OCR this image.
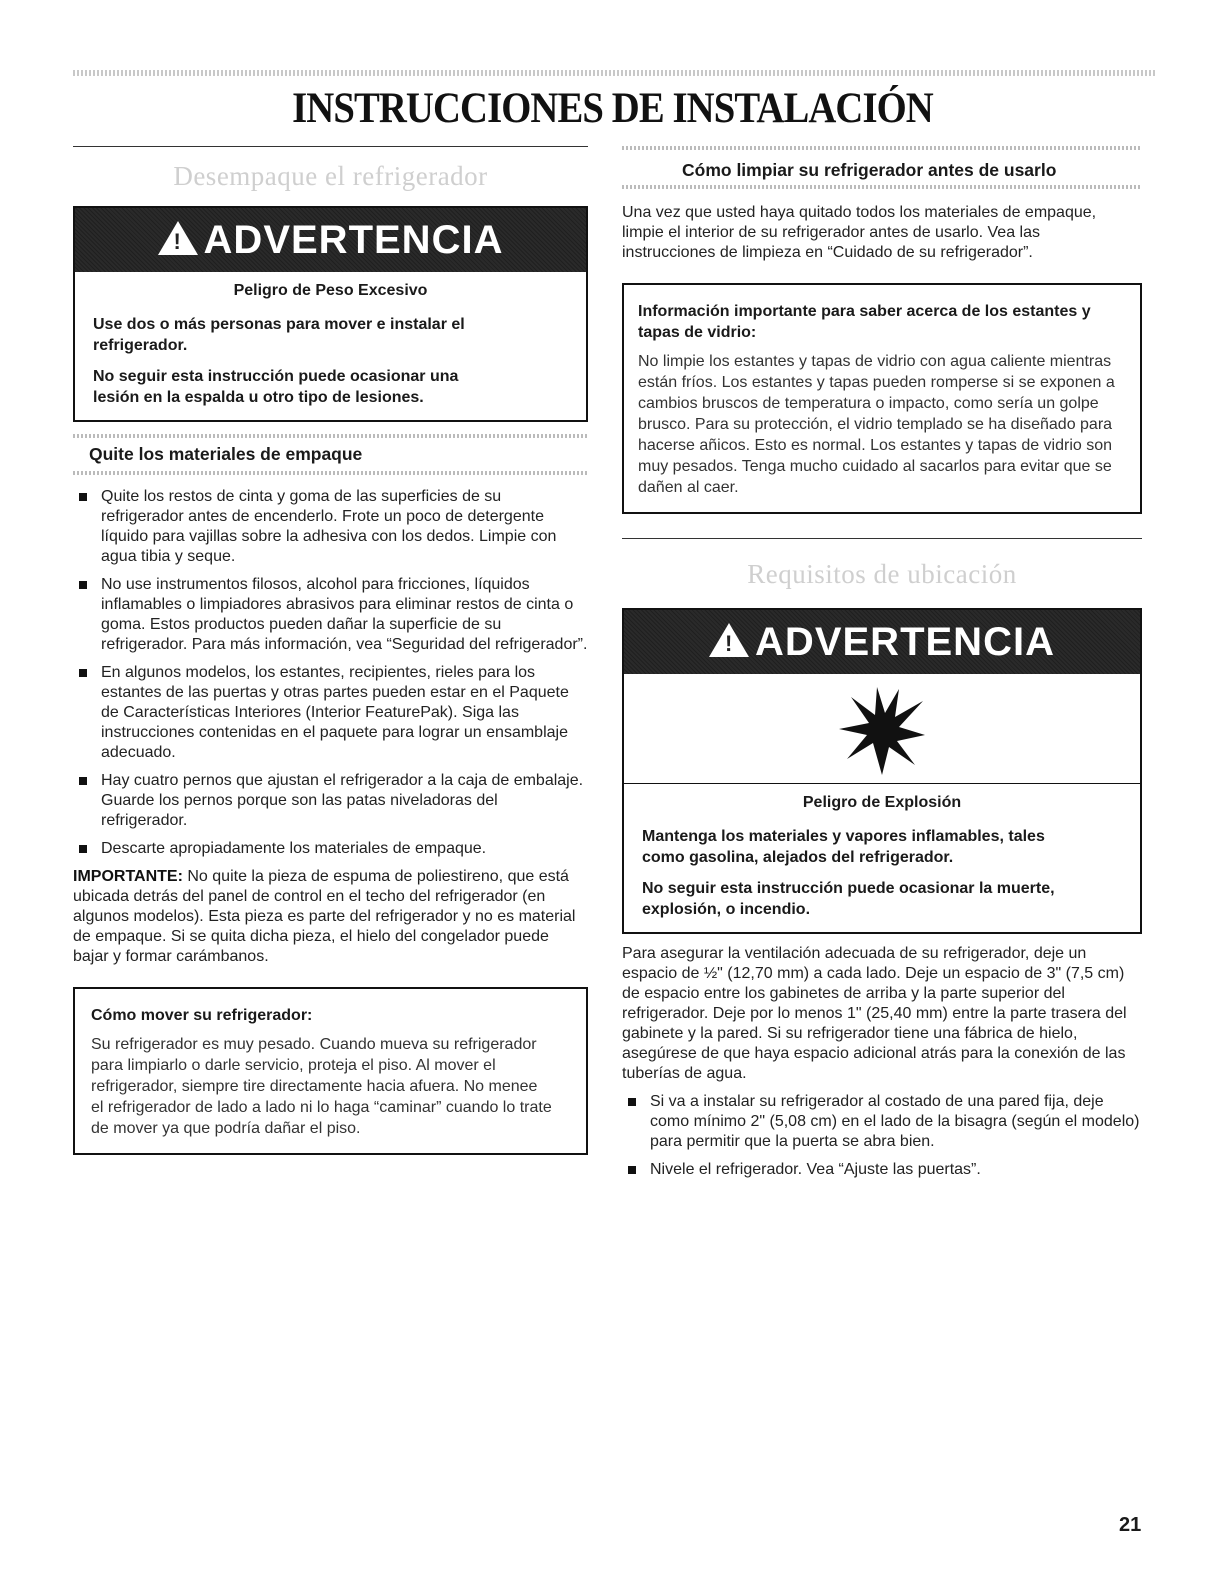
INSTRUCCIONES DE INSTALACIÓN
Desempaque el refrigerador
!
ADVERTENCIA
Peligro de Peso Excesivo

Use dos o más personas para mover e instalar el refrigerador.

No seguir esta instrucción puede ocasionar una lesión en la espalda u otro tipo de lesiones.

Quite los materiales de empaque
Quite los restos de cinta y goma de las superficies de su refrigerador antes de encenderlo. Frote un poco de detergente líquido para vajillas sobre la adhesiva con los dedos. Limpie con agua tibia y seque.
No use instrumentos filosos, alcohol para fricciones, líquidos inflamables o limpiadores abrasivos para eliminar restos de cinta o goma. Estos productos pueden dañar la superficie de su refrigerador. Para más información, vea “Seguridad del refrigerador”.
En algunos modelos, los estantes, recipientes, rieles para los estantes de las puertas y otras partes pueden estar en el Paquete de Características Interiores (Interior FeaturePak). Siga las instrucciones contenidas en el paquete para lograr un ensamblaje adecuado.
Hay cuatro pernos que ajustan el refrigerador a la caja de embalaje. Guarde los pernos porque son las patas niveladoras del refrigerador.
Descarte apropiadamente los materiales de empaque.

IMPORTANTE: No quite la pieza de espuma de poliestireno, que está ubicada detrás del panel de control en el techo del refrigerador (en algunos modelos). Esta pieza es parte del refrigerador y no es material de empaque. Si se quita dicha pieza, el hielo del congelador puede bajar y formar carámbanos.

Cómo mover su refrigerador:
Su refrigerador es muy pesado. Cuando mueva su refrigerador para limpiarlo o darle servicio, proteja el piso. Al mover el refrigerador, siempre tire directamente hacia afuera. No menee el refrigerador de lado a lado ni lo haga “caminar” cuando lo trate de mover ya que podría dañar el piso.
Cómo limpiar su refrigerador antes de usarlo

Una vez que usted haya quitado todos los materiales de empaque, limpie el interior de su refrigerador antes de usarlo. Vea las instrucciones de limpieza en “Cuidado de su refrigerador”.

Información importante para saber acerca de los estantes y tapas de vidrio:
No limpie los estantes y tapas de vidrio con agua caliente mientras están fríos. Los estantes y tapas pueden romperse si se exponen a cambios bruscos de temperatura o impacto, como sería un golpe brusco. Para su protección, el vidrio templado se ha diseñado para hacerse añicos. Esto es normal. Los estantes y tapas de vidrio son muy pesados. Tenga mucho cuidado al sacarlos para evitar que se dañen al caer.
Requisitos de ubicación
!
ADVERTENCIA
Peligro de Explosión

Mantenga los materiales y vapores inflamables, tales como gasolina, alejados del refrigerador.

No seguir esta instrucción puede ocasionar la muerte, explosión, o incendio.

Para asegurar la ventilación adecuada de su refrigerador, deje un espacio de ½" (12,70 mm) a cada lado. Deje un espacio de 3" (7,5 cm) de espacio entre los gabinetes de arriba y la parte superior del refrigerador. Deje por lo menos 1" (25,40 mm) entre la parte trasera del gabinete y la pared. Si su refrigerador tiene una fábrica de hielo, asegúrese de que haya espacio adicional atrás para la conexión de las tuberías de agua.

Si va a instalar su refrigerador al costado de una pared fija, deje como mínimo 2" (5,08 cm) en el lado de la bisagra (según el modelo) para permitir que la puerta se abra bien.
Nivele el refrigerador. Vea “Ajuste las puertas”.
21
